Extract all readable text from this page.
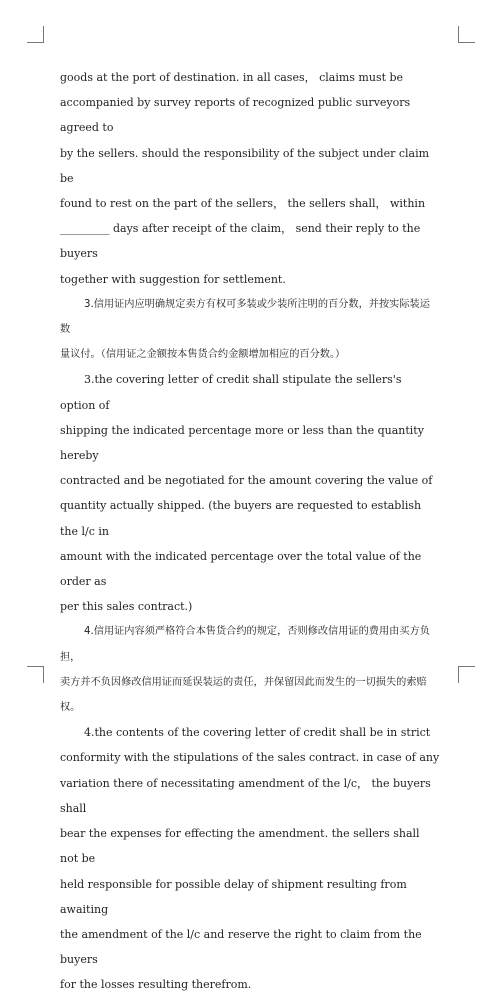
goods at the port of destination. in all cases， claims must be
accompanied by survey reports of recognized public surveyors agreed to
by the sellers. should the responsibility of the subject under claim be
found to rest on the part of the sellers， the sellers shall， within
_________ days after receipt of the claim， send their reply to the buyers
together with suggestion for settlement.

3.信用证内应明确规定卖方有权可多装或少装所注明的百分数，并按实际装运数
量议付。（信用证之金额按本售货合约金额增加相应的百分数。）

3.the covering letter of credit shall stipulate the sellers's option of
shipping the indicated percentage more or less than the quantity hereby
contracted and be negotiated for the amount covering the value of
quantity actually shipped. (the buyers are requested to establish the l/c in
amount with the indicated percentage over the total value of the order as
per this sales contract.)

4.信用证内容须严格符合本售货合约的规定，否则修改信用证的费用由买方负担，
卖方并不负因修改信用证而延误装运的责任，并保留因此而发生的一切损失的索赔权。

4.the contents of the covering letter of credit shall be in strict
conformity with the stipulations of the sales contract. in case of any
variation there of necessitating amendment of the l/c， the buyers shall
bear the expenses for effecting the amendment. the sellers shall not be
held responsible for possible delay of shipment resulting from awaiting
the amendment of the l/c and reserve the right to claim from the buyers
for the losses resulting therefrom.
